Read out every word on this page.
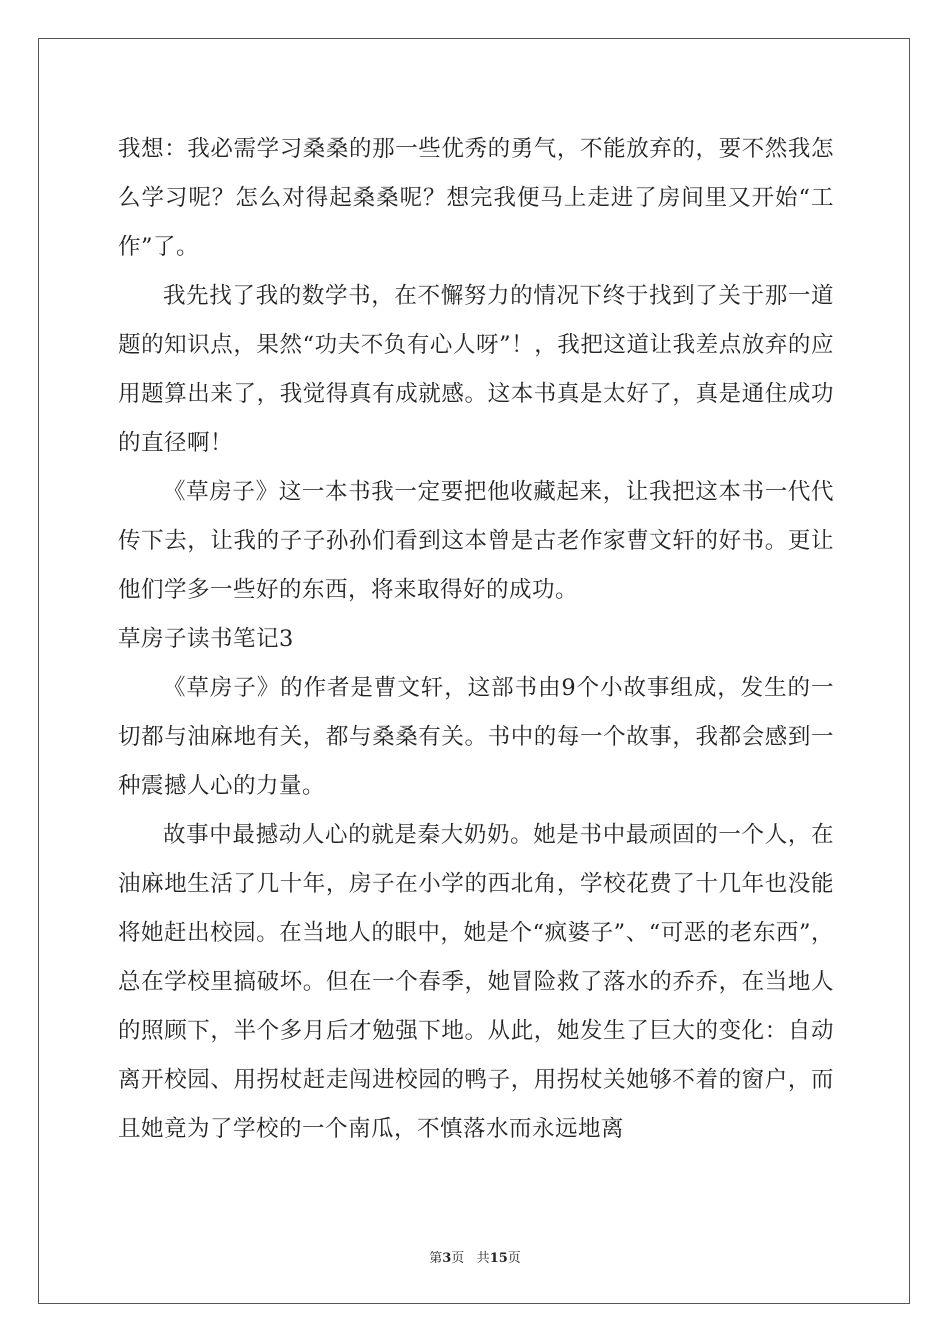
我想：我必需学习桑桑的那一些优秀的勇气，不能放弃的，要不然我怎么学习呢？怎么对得起桑桑呢？想完我便马上走进了房间里又开始“工作”了。

我先找了我的数学书，在不懈努力的情况下终于找到了关于那一道题的知识点，果然“功夫不负有心人呀”！，我把这道让我差点放弃的应用题算出来了，我觉得真有成就感。这本书真是太好了，真是通住成功的直径啊！

《草房子》这一本书我一定要把他收藏起来，让我把这本书一代代传下去，让我的子子孙孙们看到这本曾是古老作家曹文轩的好书。更让他们学多一些好的东西，将来取得好的成功。

草房子读书笔记3

《草房子》的作者是曹文轩，这部书由9个小故事组成，发生的一切都与油麻地有关，都与桑桑有关。书中的每一个故事，我都会感到一种震撼人心的力量。

故事中最撼动人心的就是秦大奶奶。她是书中最顽固的一个人，在油麻地生活了几十年，房子在小学的西北角，学校花费了十几年也没能将她赶出校园。在当地人的眼中，她是个“疯婆子”、“可恶的老东西”，总在学校里搞破坏。但在一个春季，她冒险救了落水的乔乔，在当地人的照顾下，半个多月后才勉强下地。从此，她发生了巨大的变化：自动离开校园、用拐杖赶走闯进校园的鸭子，用拐杖关她够不着的窗户，而且她竟为了学校的一个南瓜，不慎落水而永远地离

第3页 共15页
